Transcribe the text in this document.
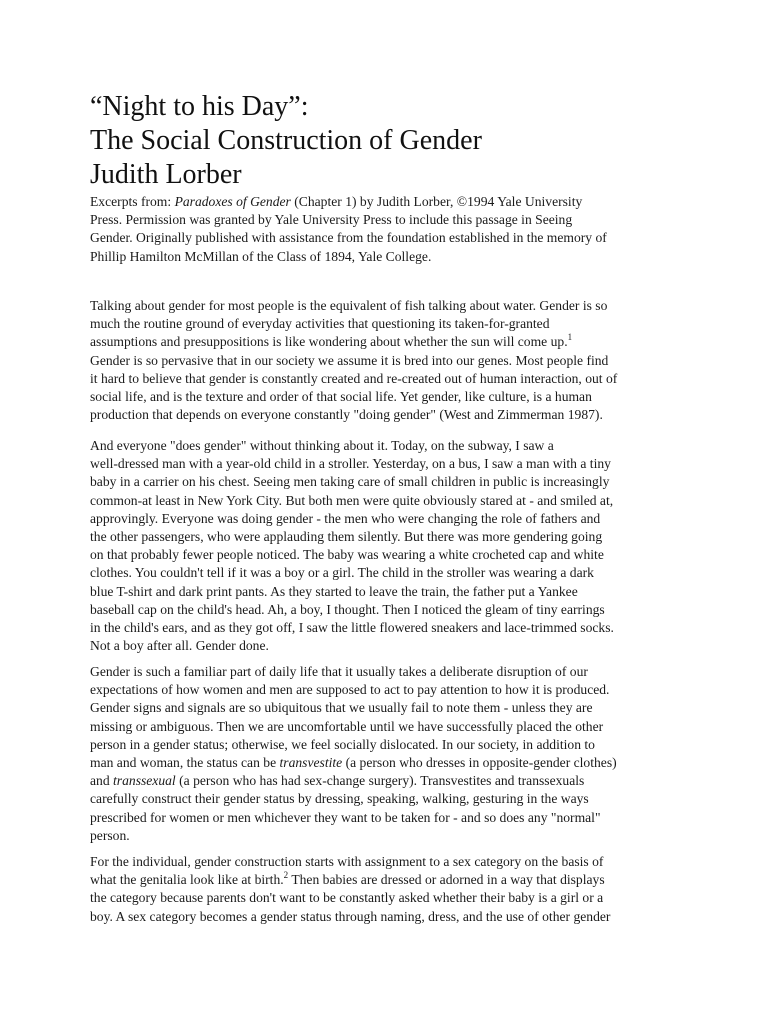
“Night to his Day”:
The Social Construction of Gender
Judith Lorber
Excerpts from: Paradoxes of Gender (Chapter 1) by Judith Lorber, ©1994 Yale University
Press. Permission was granted by Yale University Press to include this passage in Seeing
Gender. Originally published with assistance from the foundation established in the memory of
Phillip Hamilton McMillan of the Class of 1894, Yale College.
Talking about gender for most people is the equivalent of fish talking about water. Gender is so
much the routine ground of everyday activities that questioning its taken-for-granted
assumptions and presuppositions is like wondering about whether the sun will come up.$^1$
Gender is so pervasive that in our society we assume it is bred into our genes. Most people find
it hard to believe that gender is constantly created and re-created out of human interaction, out of
social life, and is the texture and order of that social life. Yet gender, like culture, is a human
production that depends on everyone constantly "doing gender" (West and Zimmerman 1987).
And everyone "does gender" without thinking about it. Today, on the subway, I saw a
well-dressed man with a year-old child in a stroller. Yesterday, on a bus, I saw a man with a tiny
baby in a carrier on his chest. Seeing men taking care of small children in public is increasingly
common-at least in New York City. But both men were quite obviously stared at - and smiled at,
approvingly. Everyone was doing gender - the men who were changing the role of fathers and
the other passengers, who were applauding them silently. But there was more gendering going
on that probably fewer people noticed. The baby was wearing a white crocheted cap and white
clothes. You couldn't tell if it was a boy or a girl. The child in the stroller was wearing a dark
blue T-shirt and dark print pants. As they started to leave the train, the father put a Yankee
baseball cap on the child's head. Ah, a boy, I thought. Then I noticed the gleam of tiny earrings
in the child's ears, and as they got off, I saw the little flowered sneakers and lace-trimmed socks.
Not a boy after all. Gender done.
Gender is such a familiar part of daily life that it usually takes a deliberate disruption of our
expectations of how women and men are supposed to act to pay attention to how it is produced.
Gender signs and signals are so ubiquitous that we usually fail to note them - unless they are
missing or ambiguous. Then we are uncomfortable until we have successfully placed the other
person in a gender status; otherwise, we feel socially dislocated. In our society, in addition to
man and woman, the status can be transvestite (a person who dresses in opposite-gender clothes)
and transsexual (a person who has had sex-change surgery). Transvestites and transsexuals
carefully construct their gender status by dressing, speaking, walking, gesturing in the ways
prescribed for women or men whichever they want to be taken for - and so does any "normal"
person.
For the individual, gender construction starts with assignment to a sex category on the basis of
what the genitalia look like at birth.$^2$ Then babies are dressed or adorned in a way that displays
the category because parents don't want to be constantly asked whether their baby is a girl or a
boy. A sex category becomes a gender status through naming, dress, and the use of other gender
